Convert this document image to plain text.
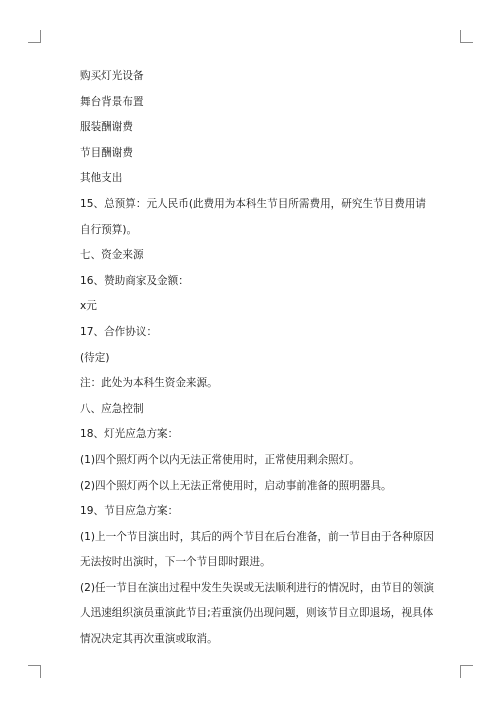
购买灯光设备

舞台背景布置

服装酬谢费

节目酬谢费

其他支出

15、总预算：元人民币(此费用为本科生节目所需费用，研究生节目费用请自行预算)。

七、资金来源

16、赞助商家及金额：

x元

17、合作协议：

(待定)

注：此处为本科生资金来源。

八、应急控制

18、灯光应急方案：

(1)四个照灯两个以内无法正常使用时，正常使用剩余照灯。

(2)四个照灯两个以上无法正常使用时，启动事前准备的照明器具。

19、节目应急方案：

(1)上一个节目演出时，其后的两个节目在后台准备，前一节目由于各种原因无法按时出演时，下一个节目即时跟进。

(2)任一节目在演出过程中发生失误或无法顺利进行的情况时，由节目的领演人迅速组织演员重演此节目;若重演仍出现问题，则该节目立即退场，视具体情况决定其再次重演或取消。
